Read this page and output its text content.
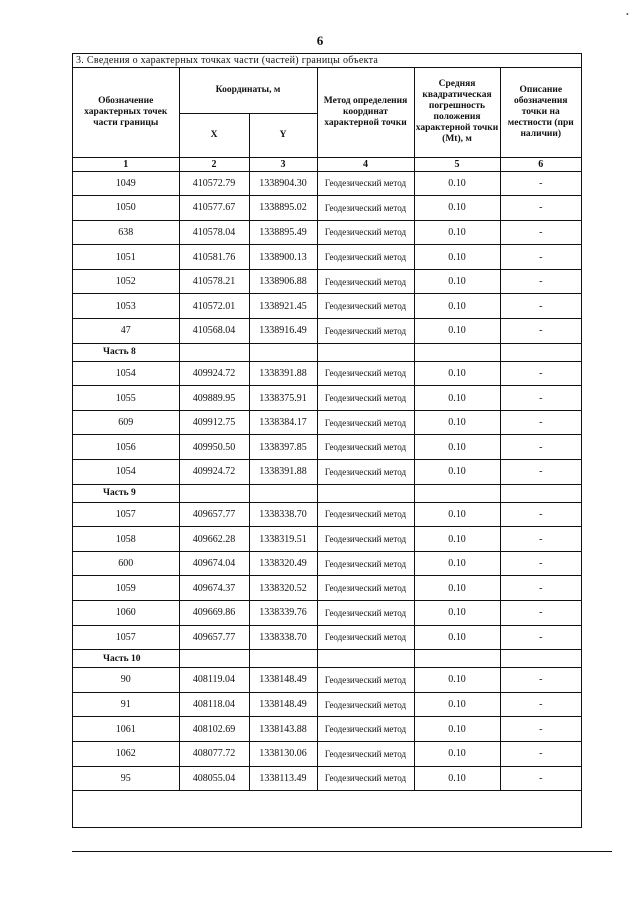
•
6
3. Сведения о характерных точках части (частей) границы объекта					
Обозначение характерных точек части границы	Координаты, м		Метод определения координат характерной точки	Средняя квадратическая погрешность положения характерной точки (Mt), м	Описание обозначения точки на местности (при наличии)
	X	Y			
1	2	3	4	5	6
1049	410572.79	1338904.30	Геодезический метод	0.10	-
1050	410577.67	1338895.02	Геодезический метод	0.10	-
638	410578.04	1338895.49	Геодезический метод	0.10	-
1051	410581.76	1338900.13	Геодезический метод	0.10	-
1052	410578.21	1338906.88	Геодезический метод	0.10	-
1053	410572.01	1338921.45	Геодезический метод	0.10	-
47	410568.04	1338916.49	Геодезический метод	0.10	-
Часть 8					
1054	409924.72	1338391.88	Геодезический метод	0.10	-
1055	409889.95	1338375.91	Геодезический метод	0.10	-
609	409912.75	1338384.17	Геодезический метод	0.10	-
1056	409950.50	1338397.85	Геодезический метод	0.10	-
1054	409924.72	1338391.88	Геодезический метод	0.10	-
Часть 9					
1057	409657.77	1338338.70	Геодезический метод	0.10	-
1058	409662.28	1338319.51	Геодезический метод	0.10	-
600	409674.04	1338320.49	Геодезический метод	0.10	-
1059	409674.37	1338320.52	Геодезический метод	0.10	-
1060	409669.86	1338339.76	Геодезический метод	0.10	-
1057	409657.77	1338338.70	Геодезический метод	0.10	-
Часть 10					
90	408119.04	1338148.49	Геодезический метод	0.10	-
91	408118.04	1338148.49	Геодезический метод	0.10	-
1061	408102.69	1338143.88	Геодезический метод	0.10	-
1062	408077.72	1338130.06	Геодезический метод	0.10	-
95	408055.04	1338113.49	Геодезический метод	0.10	-
